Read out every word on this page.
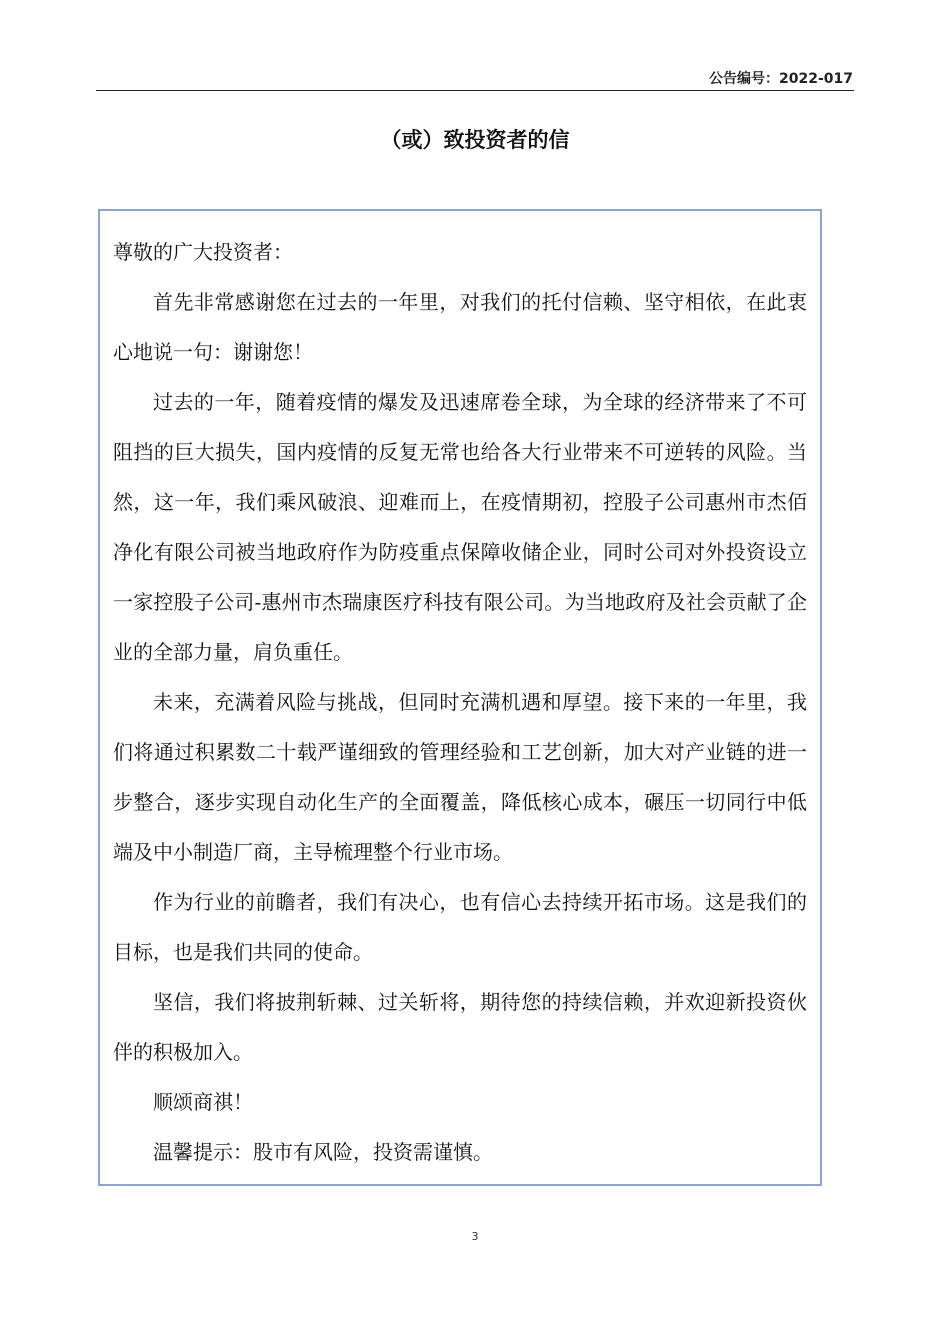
公告编号：2022-017
（或）致投资者的信

尊敬的广大投资者：

首先非常感谢您在过去的一年里，对我们的托付信赖、坚守相依，在此衷心地说一句：谢谢您！

过去的一年，随着疫情的爆发及迅速席卷全球，为全球的经济带来了不可阻挡的巨大损失，国内疫情的反复无常也给各大行业带来不可逆转的风险。当然，这一年，我们乘风破浪、迎难而上，在疫情期初，控股子公司惠州市杰佰净化有限公司被当地政府作为防疫重点保障收储企业，同时公司对外投资设立一家控股子公司-惠州市杰瑞康医疗科技有限公司。为当地政府及社会贡献了企业的全部力量，肩负重任。

未来，充满着风险与挑战，但同时充满机遇和厚望。接下来的一年里，我们将通过积累数二十载严谨细致的管理经验和工艺创新，加大对产业链的进一步整合，逐步实现自动化生产的全面覆盖，降低核心成本，碾压一切同行中低端及中小制造厂商，主导梳理整个行业市场。

作为行业的前瞻者，我们有决心，也有信心去持续开拓市场。这是我们的目标，也是我们共同的使命。

坚信，我们将披荆斩棘、过关斩将，期待您的持续信赖，并欢迎新投资伙伴的积极加入。

顺颂商祺！

温馨提示：股市有风险，投资需谨慎。

3
